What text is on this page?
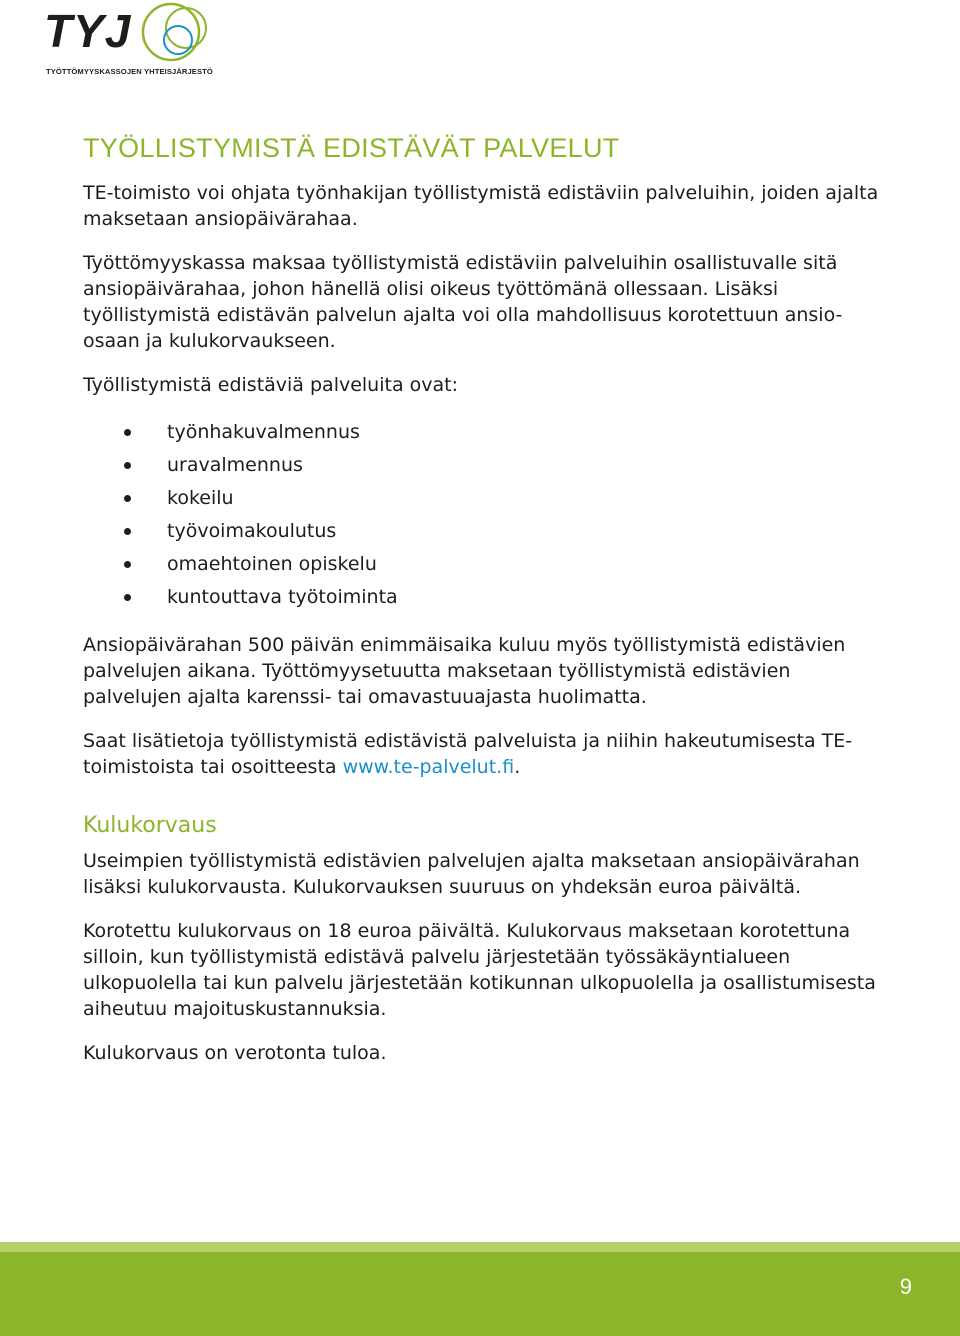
TYJ
TYÖTTÖMYYSKASSOJEN YHTEISJÄRJESTÖ
TYÖLLISTYMISTÄ EDISTÄVÄT PALVELUT

TE-toimisto voi ohjata työnhakijan työllistymistä edistäviin palveluihin, joiden ajalta maksetaan ansiopäivärahaa.

Työttömyyskassa maksaa työllistymistä edistäviin palveluihin osallistuvalle sitä ansiopäivärahaa, johon hänellä olisi oikeus työttömänä ollessaan. Lisäksi työllistymistä edistävän palvelun ajalta voi olla mahdollisuus korotettuun ansio-osaan ja kulukorvaukseen.

Työllistymistä edistäviä palveluita ovat:

työnhakuvalmennus
uravalmennus
kokeilu
työvoimakoulutus
omaehtoinen opiskelu
kuntouttava työtoiminta

Ansiopäivärahan 500 päivän enimmäisaika kuluu myös työllistymistä edistävien palvelujen aikana. Työttömyysetuutta maksetaan työllistymistä edistävien palvelujen ajalta karenssi- tai omavastuuajasta huolimatta.

Saat lisätietoja työllistymistä edistävistä palveluista ja niihin hakeutumisesta TE-toimistoista tai osoitteesta www.te-palvelut.fi.

Kulukorvaus

Useimpien työllistymistä edistävien palvelujen ajalta maksetaan ansiopäivärahan lisäksi kulukorvausta. Kulukorvauksen suuruus on yhdeksän euroa päivältä.

Korotettu kulukorvaus on 18 euroa päivältä. Kulukorvaus maksetaan korotettuna silloin, kun työllistymistä edistävä palvelu järjestetään työssäkäyntialueen ulkopuolella tai kun palvelu järjestetään kotikunnan ulkopuolella ja osallistumisesta aiheutuu majoituskustannuksia.

Kulukorvaus on verotonta tuloa.

9
